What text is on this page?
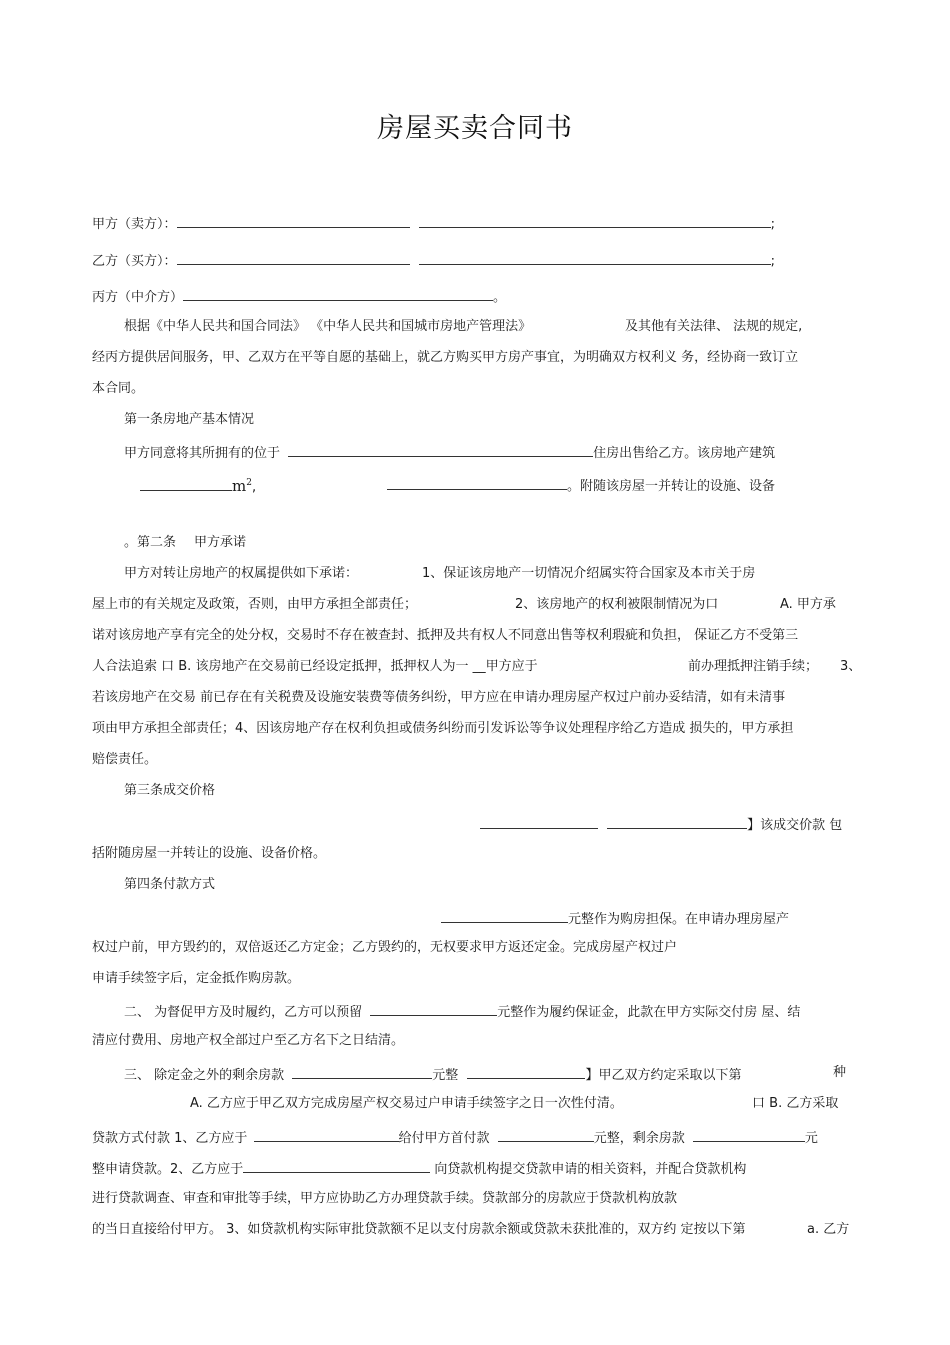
房屋买卖合同书
甲方（卖方）：	;
乙方（买方）：	;
丙方（中介方）	。
根据《中华人民共和国合同法》 《中华人民共和国城市房地产管理法》	及其他有关法律、 法规的规定,
经丙方提供居间服务，甲、乙双方在平等自愿的基础上，就乙方购买甲方房产事宜，为明确双方权利义 务，经协商一致订立
本合同。
第一条房地产基本情况
甲方同意将其所拥有的位于	住房出售给乙方。该房地产建筑
$m^2$,	。附随该房屋一并转让的设施、设备
。第二条 甲方承诺
甲方对转让房地产的权属提供如下承诺：	1、保证该房地产一切情况介绍属实符合国家及本市关于房
屋上市的有关规定及政策，否则，由甲方承担全部责任；	2、该房地产的权利被限制情况为口	A. 甲方承
诺对该房地产享有完全的处分权，交易时不存在被查封、抵押及共有权人不同意出售等权利瑕疵和负担， 保证乙方不受第三
人合法追索 口 B. 该房地产在交易前已经设定抵押，抵押权人为一 __甲方应于	前办理抵押注销手续； 3、
若该房地产在交易 前已存在有关税费及设施安装费等债务纠纷，甲方应在申请办理房屋产权过户前办妥结清，如有未清事
项由甲方承担全部责任；4、因该房地产存在权利负担或债务纠纷而引发诉讼等争议处理程序给乙方造成 损失的，甲方承担
赔偿责任。
第三条成交价格
】该成交价款 包
括附随房屋一并转让的设施、设备价格。
第四条付款方式
元整作为购房担保。在申请办理房屋产
权过户前，甲方毁约的，双倍返还乙方定金；乙方毁约的，无权要求甲方返还定金。完成房屋产权过户
申请手续签字后，定金抵作购房款。
二、 为督促甲方及时履约，乙方可以预留	元整作为履约保证金，此款在甲方实际交付房 屋、结
清应付费用、房地产权全部过户至乙方名下之日结清。
三、 除定金之外的剩余房款	元整	】甲乙双方约定采取以下第	种
A. 乙方应于甲乙双方完成房屋产权交易过户申请手续签字之日一次性付清。	口 B. 乙方采取
贷款方式付款 1、乙方应于	给付甲方首付款	元整，剩余房款	元
整申请贷款。2、乙方应于	向贷款机构提交贷款申请的相关资料，并配合贷款机构
进行贷款调查、审查和审批等手续，甲方应协助乙方办理贷款手续。贷款部分的房款应于贷款机构放款
的当日直接给付甲方。 3、如贷款机构实际审批贷款额不足以支付房款余额或贷款未获批准的，双方约 定按以下第	a. 乙方
